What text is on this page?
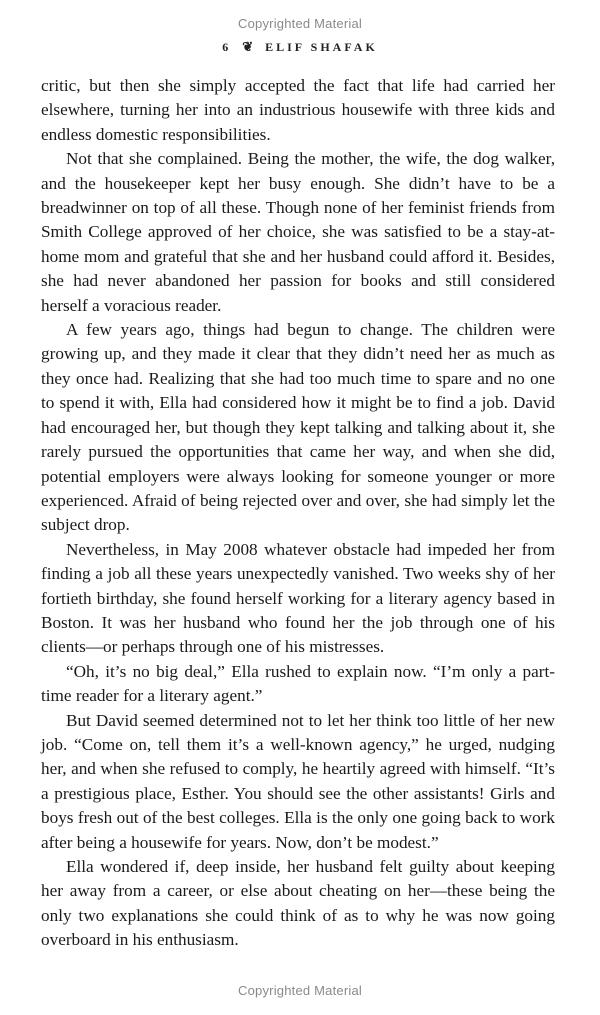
Copyrighted Material
6 ❦ ELIF SHAFAK

critic, but then she simply accepted the fact that life had carried her elsewhere, turning her into an industrious housewife with three kids and endless domestic responsibilities.

Not that she complained. Being the mother, the wife, the dog walker, and the housekeeper kept her busy enough. She didn’t have to be a breadwinner on top of all these. Though none of her feminist friends from Smith College approved of her choice, she was satisfied to be a stay-at-home mom and grateful that she and her husband could afford it. Besides, she had never abandoned her passion for books and still considered herself a voracious reader.

A few years ago, things had begun to change. The children were growing up, and they made it clear that they didn’t need her as much as they once had. Realizing that she had too much time to spare and no one to spend it with, Ella had considered how it might be to find a job. David had encouraged her, but though they kept talking and talking about it, she rarely pursued the opportunities that came her way, and when she did, potential employers were always looking for someone younger or more experienced. Afraid of being rejected over and over, she had simply let the subject drop.

Nevertheless, in May 2008 whatever obstacle had impeded her from finding a job all these years unexpectedly vanished. Two weeks shy of her fortieth birthday, she found herself working for a literary agency based in Boston. It was her husband who found her the job through one of his clients—or perhaps through one of his mistresses.

“Oh, it’s no big deal,” Ella rushed to explain now. “I’m only a part-time reader for a literary agent.”

But David seemed determined not to let her think too little of her new job. “Come on, tell them it’s a well-known agency,” he urged, nudging her, and when she refused to comply, he heartily agreed with himself. “It’s a prestigious place, Esther. You should see the other assistants! Girls and boys fresh out of the best colleges. Ella is the only one going back to work after being a housewife for years. Now, don’t be modest.”

Ella wondered if, deep inside, her husband felt guilty about keeping her away from a career, or else about cheating on her—these being the only two explanations she could think of as to why he was now going overboard in his enthusiasm.

Copyrighted Material
